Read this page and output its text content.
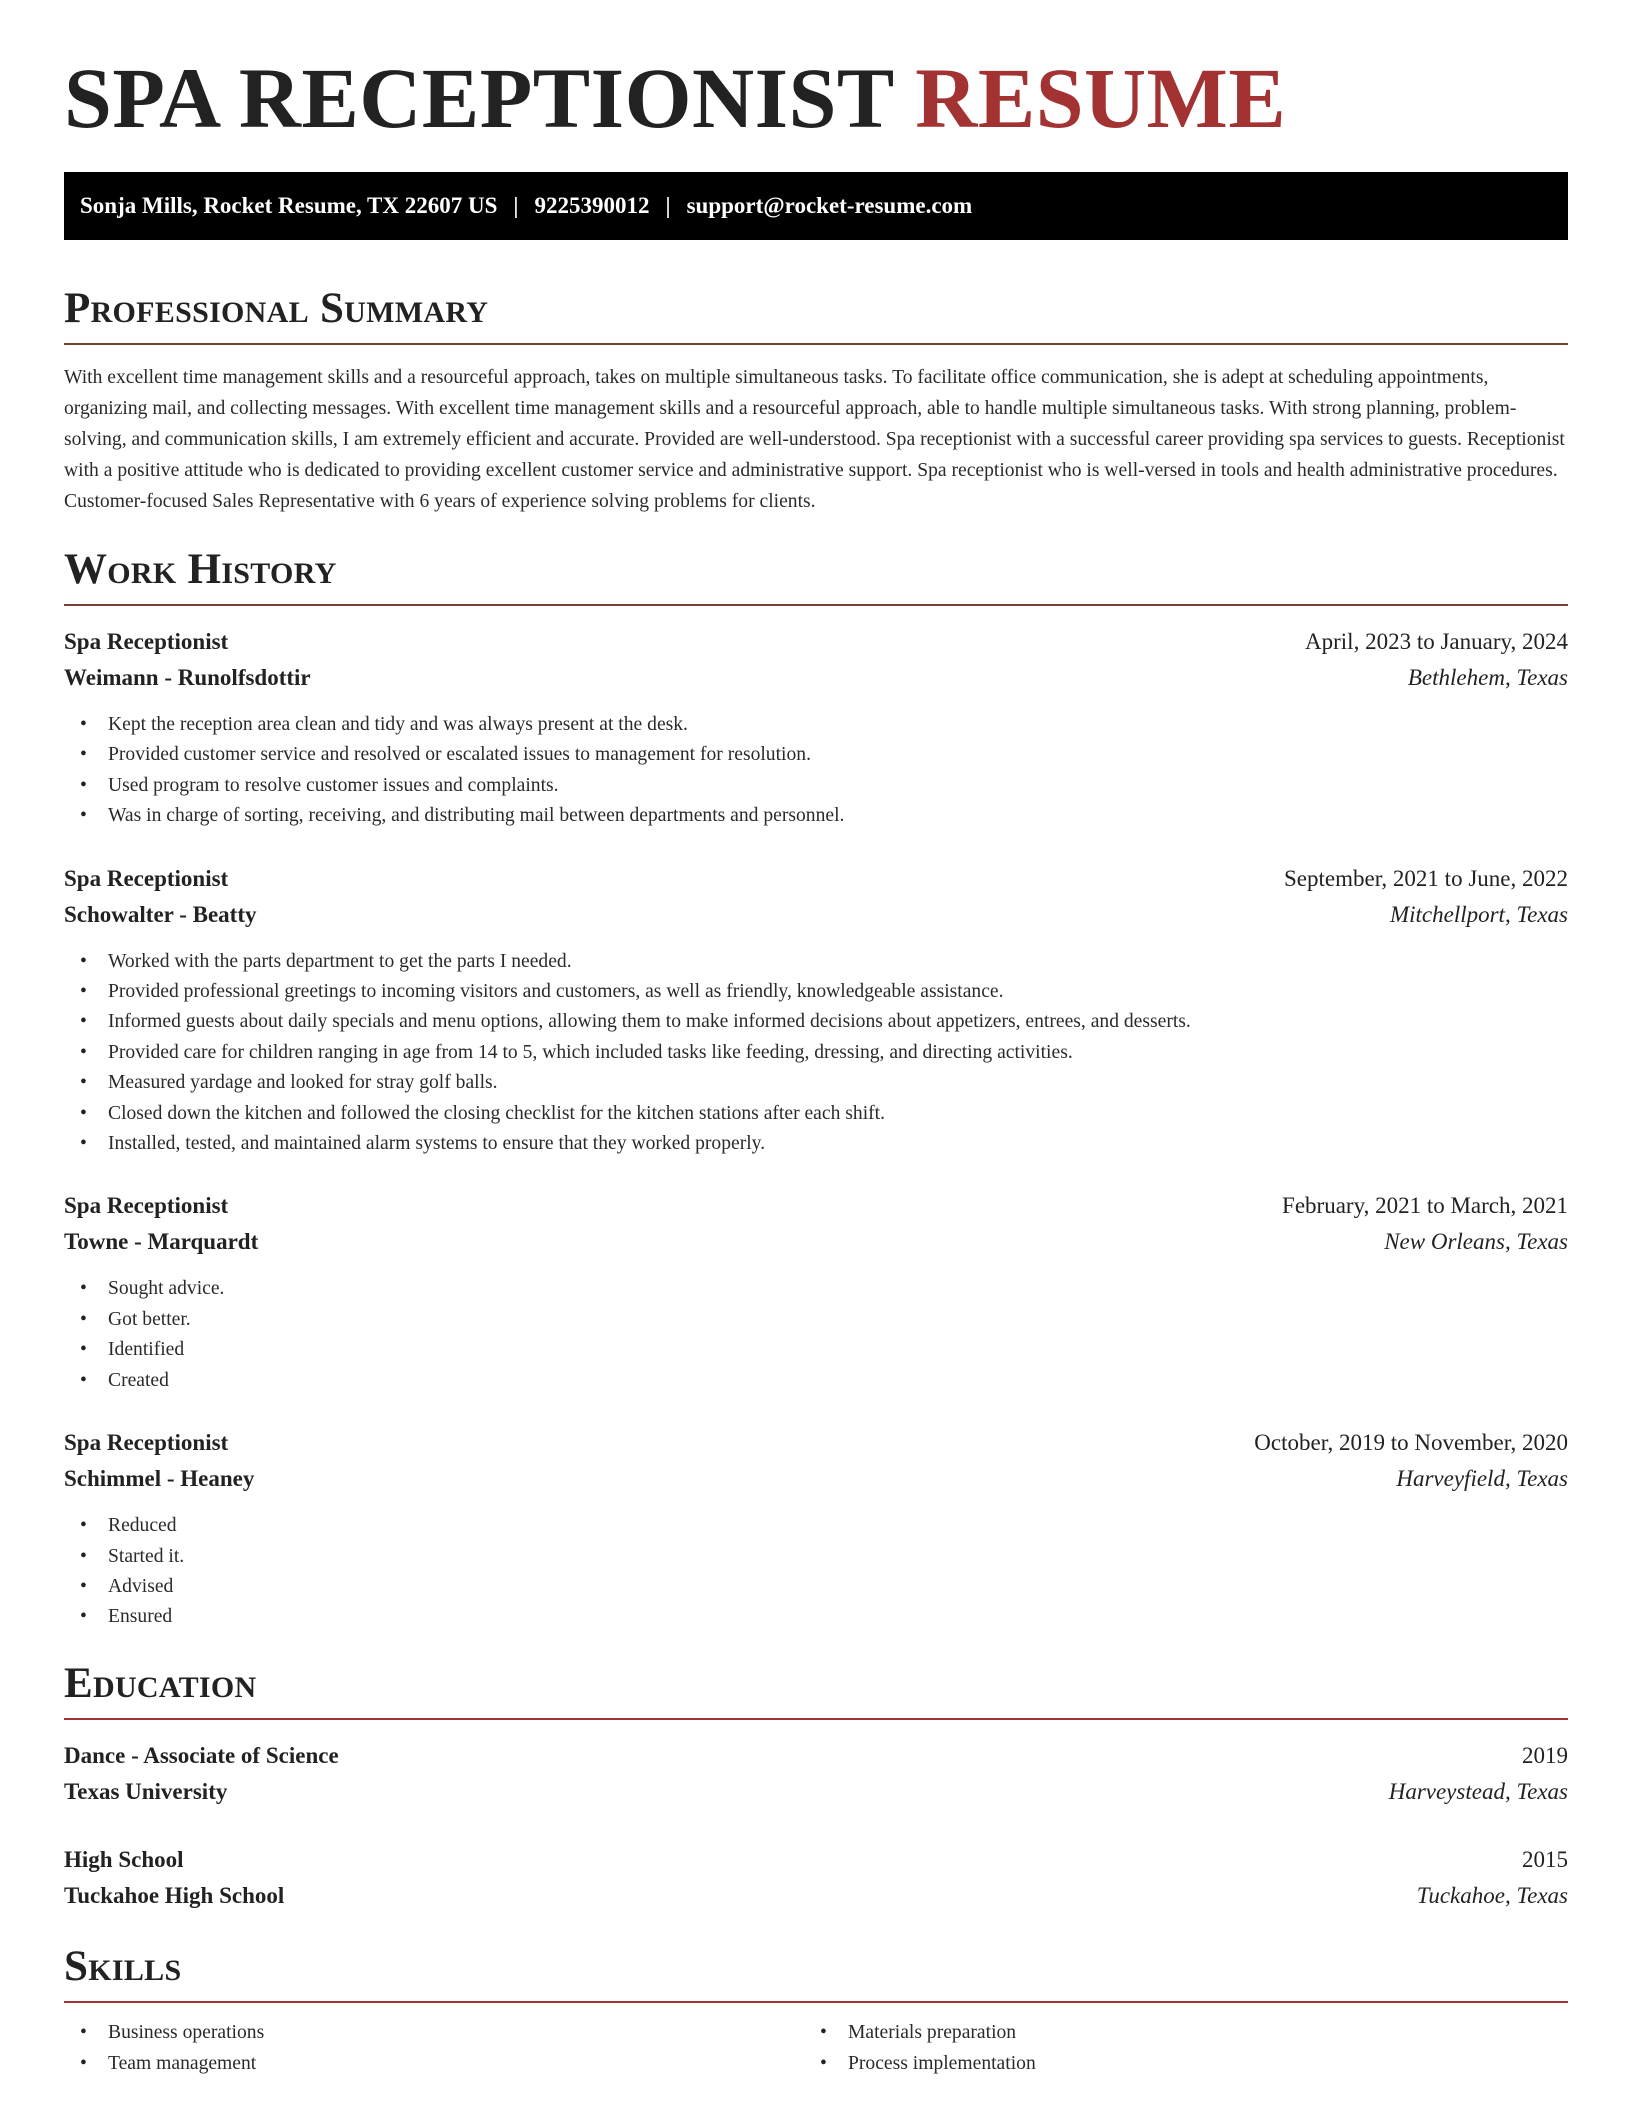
SPA RECEPTIONIST RESUME
Sonja Mills, Rocket Resume, TX 22607 US | 9225390012 | support@rocket-resume.com
Professional Summary

With excellent time management skills and a resourceful approach, takes on multiple simultaneous tasks. To facilitate office communication, she is adept at scheduling appointments, organizing mail, and collecting messages. With excellent time management skills and a resourceful approach, able to handle multiple simultaneous tasks. With strong planning, problem-solving, and communication skills, I am extremely efficient and accurate. Provided are well-understood. Spa receptionist with a successful career providing spa services to guests. Receptionist with a positive attitude who is dedicated to providing excellent customer service and administrative support. Spa receptionist who is well-versed in tools and health administrative procedures. Customer-focused Sales Representative with 6 years of experience solving problems for clients.

Work History
Spa Receptionist	April, 2023 to January, 2024
Weimann - Runolfsdottir	Bethlehem, Texas
• Kept the reception area clean and tidy and was always present at the desk.
• Provided customer service and resolved or escalated issues to management for resolution.
• Used program to resolve customer issues and complaints.
• Was in charge of sorting, receiving, and distributing mail between departments and personnel.
Spa Receptionist	September, 2021 to June, 2022
Schowalter - Beatty	Mitchellport, Texas
• Worked with the parts department to get the parts I needed.
• Provided professional greetings to incoming visitors and customers, as well as friendly, knowledgeable assistance.
• Informed guests about daily specials and menu options, allowing them to make informed decisions about appetizers, entrees, and desserts.
• Provided care for children ranging in age from 14 to 5, which included tasks like feeding, dressing, and directing activities.
• Measured yardage and looked for stray golf balls.
• Closed down the kitchen and followed the closing checklist for the kitchen stations after each shift.
• Installed, tested, and maintained alarm systems to ensure that they worked properly.
Spa Receptionist	February, 2021 to March, 2021
Towne - Marquardt	New Orleans, Texas
• Sought advice.
• Got better.
• Identified
• Created
Spa Receptionist	October, 2019 to November, 2020
Schimmel - Heaney	Harveyfield, Texas
• Reduced
• Started it.
• Advised
• Ensured
Education
Dance - Associate of Science	2019
Texas University	Harveystead, Texas
High School	2015
Tuckahoe High School	Tuckahoe, Texas
Skills
• Business operations
• Team management
• Materials preparation
• Process implementation
